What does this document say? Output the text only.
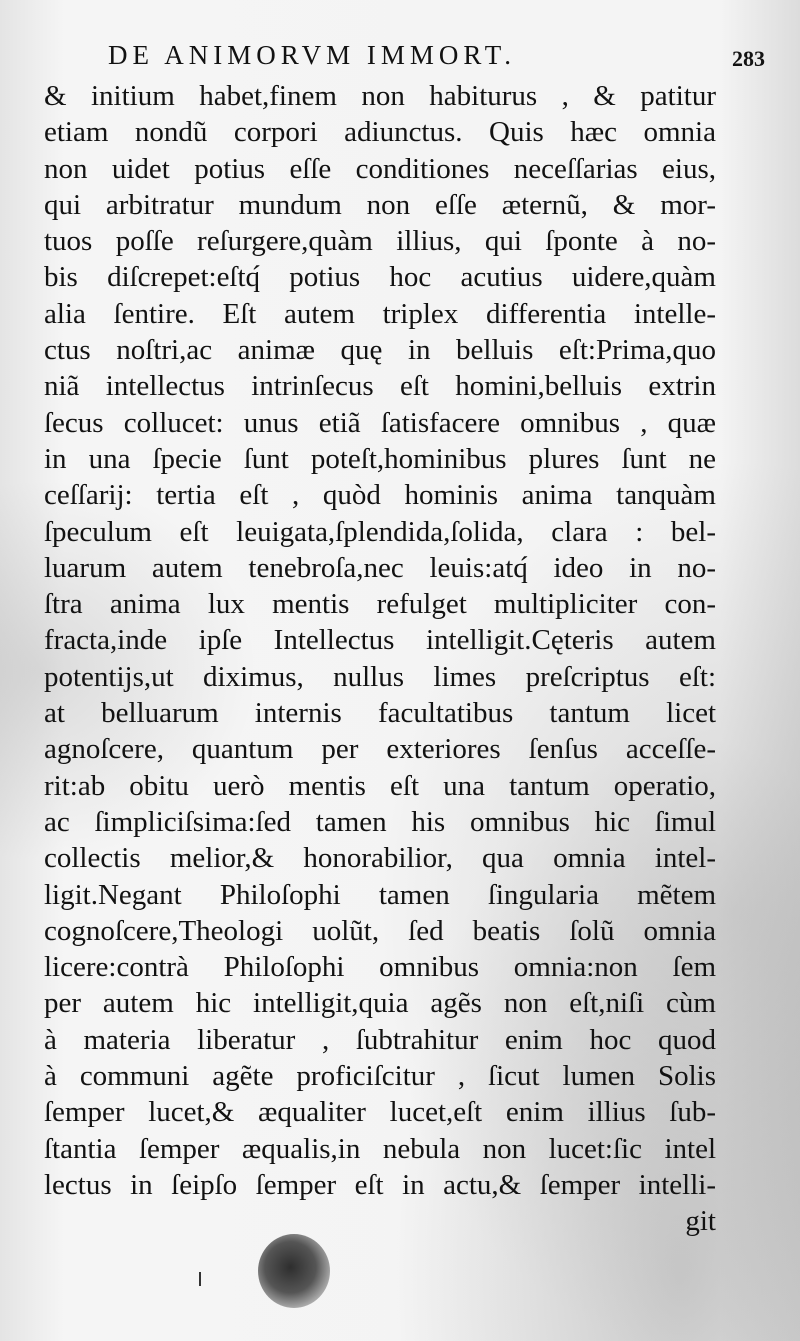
DE ANIMORVM IMMORT.	283
& initium habet,finem non habiturus , & patitur
etiam nondũ corpori adiunctus. Quis hæc omnia
non uidet potius eſſe conditiones neceſſarias eius,
qui arbitratur mundum non eſſe æternũ, & mor-
tuos poſſe reſurgere,quàm illius, qui ſponte à no-
bis diſcrepet:eſtq́ potius hoc acutius uidere,quàm
alia ſentire. Eſt autem triplex differentia intelle-
ctus noſtri,ac animæ quę in belluis eſt:Prima,quo
niã intellectus intrinſecus eſt homini,belluis extrin
ſecus collucet: unus etiã ſatisfacere omnibus , quæ
in una ſpecie ſunt poteſt,hominibus plures ſunt ne
ceſſarij: tertia eſt , quòd hominis anima tanquàm
ſpeculum eſt leuigata,ſplendida,ſolida, clara : bel-
luarum autem tenebroſa,nec leuis:atq́ ideo in no-
ſtra anima lux mentis refulget multipliciter con-
fracta,inde ipſe Intellectus intelligit.Cęteris autem
potentijs,ut diximus, nullus limes preſcriptus eſt:
at belluarum internis facultatibus tantum licet
agnoſcere, quantum per exteriores ſenſus acceſſe-
rit:ab obitu uerò mentis eſt una tantum operatio,
ac ſimpliciſsima:ſed tamen his omnibus hic ſimul
collectis melior,& honorabilior, qua omnia intel-
ligit.Negant Philoſophi tamen ſingularia mẽtem
cognoſcere,Theologi uolũt, ſed beatis ſolũ omnia
licere:contrà Philoſophi omnibus omnia:non ſem
per autem hic intelligit,quia agẽs non eſt,niſi cùm
à materia liberatur , ſubtrahitur enim hoc quod
à communi agẽte proficiſcitur , ſicut lumen Solis
ſemper lucet,& æqualiter lucet,eſt enim illius ſub-
ſtantia ſemper æqualis,in nebula non lucet:ſic intel
lectus in ſeipſo ſemper eſt in actu,& ſemper intelli-
git
